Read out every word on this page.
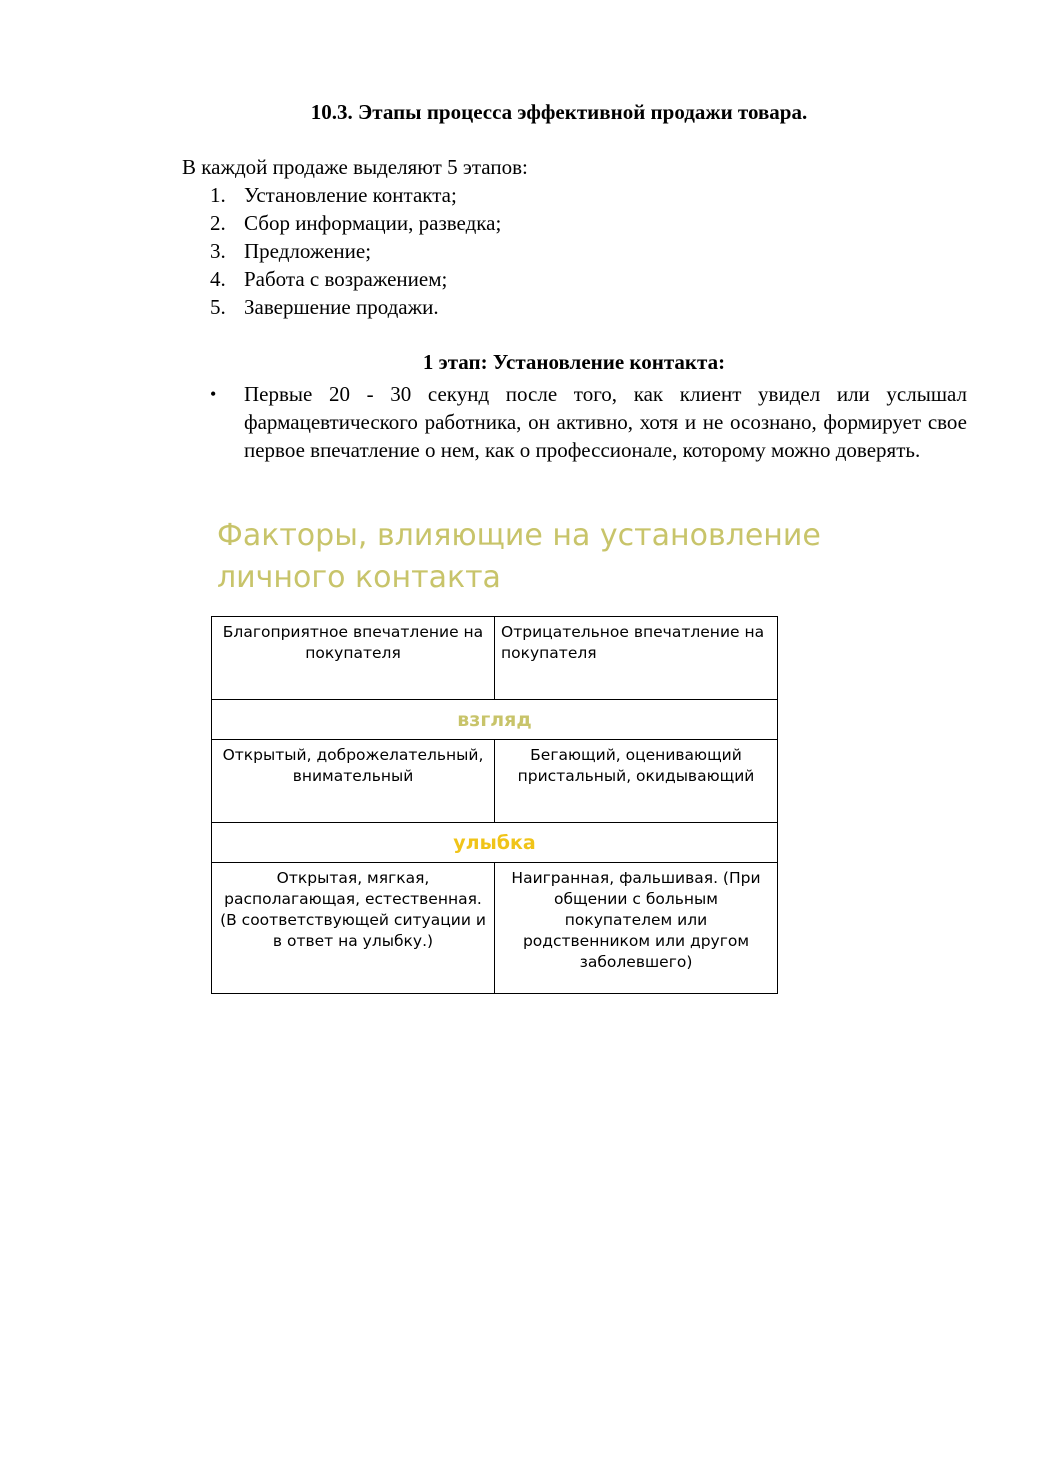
10.3. Этапы процесса эффективной продажи товара.
В каждой продаже выделяют 5 этапов:
1. Установление контакта;
2. Сбор информации, разведка;
3. Предложение;
4. Работа с возражением;
5. Завершение продажи.
1 этап: Установление контакта:
•	Первые 20 - 30 секунд после того, как клиент увидел или услышал фармацевтического работника, он активно, хотя и не осознано, формирует свое первое впечатление о нем, как о профессионале, которому можно доверять.
Факторы, влияющие на установление личного контакта
Благоприятное впечатление на покупателя	Отрицательное впечатление на покупателя
взгляд	
Открытый, доброжелательный, внимательный	Бегающий, оценивающий пристальный, окидывающий
улыбка	
Открытая, мягкая, располагающая, естественная. (В соответствующей ситуации и в ответ на улыбку.)	Наигранная, фальшивая. (При общении с больным покупателем или родственником или другом заболевшего)
